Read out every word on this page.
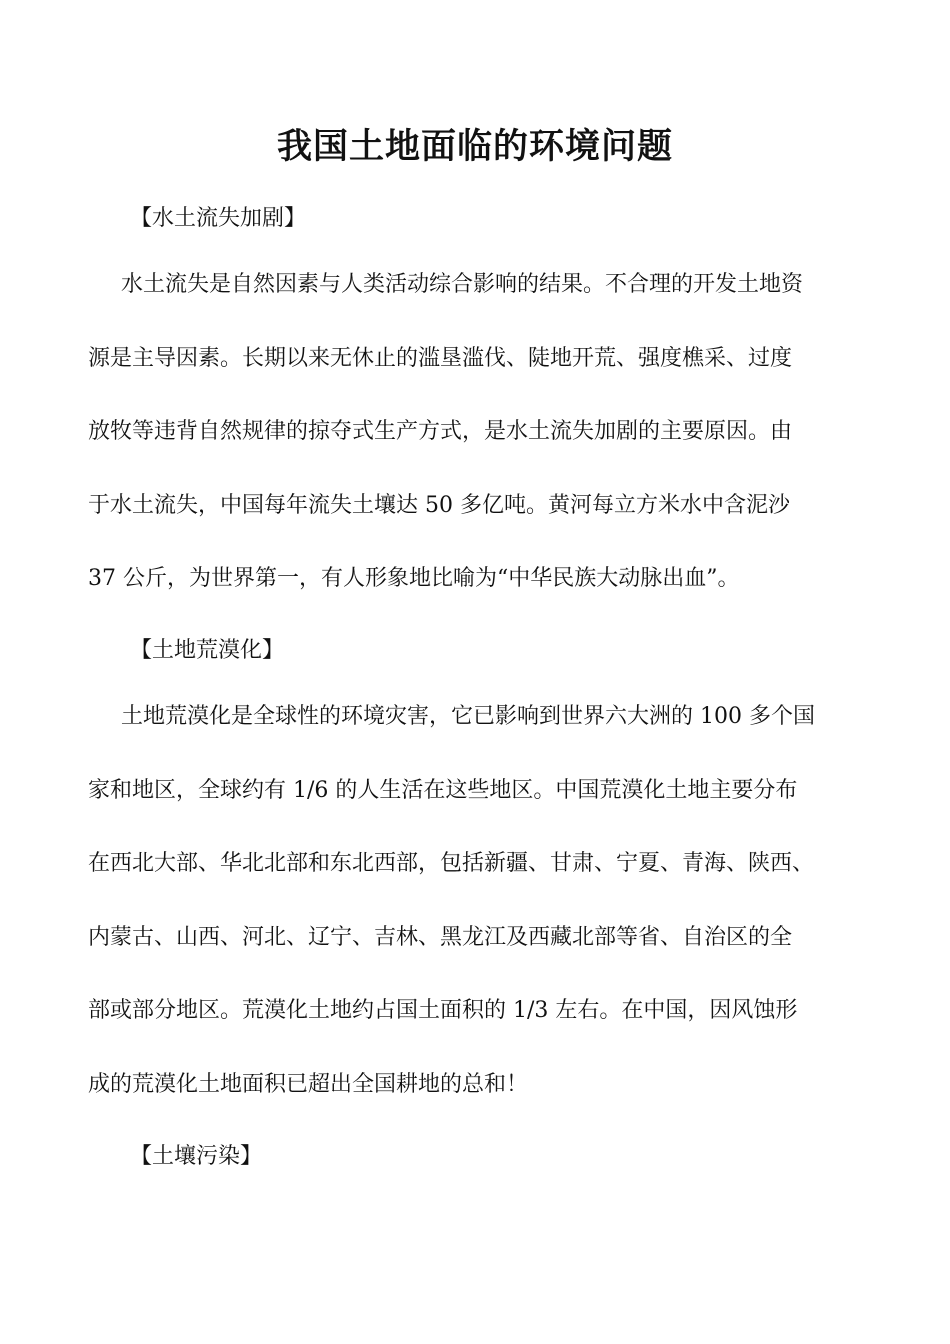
我国土地面临的环境问题
【水土流失加剧】
水土流失是自然因素与人类活动综合影响的结果。不合理的开发土地资
源是主导因素。长期以来无休止的滥垦滥伐、陡地开荒、强度樵采、过度
放牧等违背自然规律的掠夺式生产方式，是水土流失加剧的主要原因。由
于水土流失，中国每年流失土壤达 50 多亿吨。黄河每立方米水中含泥沙
37 公斤，为世界第一，有人形象地比喻为“中华民族大动脉出血”。
【土地荒漠化】
土地荒漠化是全球性的环境灾害，它已影响到世界六大洲的 100 多个国
家和地区，全球约有 1/6 的人生活在这些地区。中国荒漠化土地主要分布
在西北大部、华北北部和东北西部，包括新疆、甘肃、宁夏、青海、陕西、
内蒙古、山西、河北、辽宁、吉林、黑龙江及西藏北部等省、自治区的全
部或部分地区。荒漠化土地约占国土面积的 1/3 左右。在中国，因风蚀形
成的荒漠化土地面积已超出全国耕地的总和！
【土壤污染】
